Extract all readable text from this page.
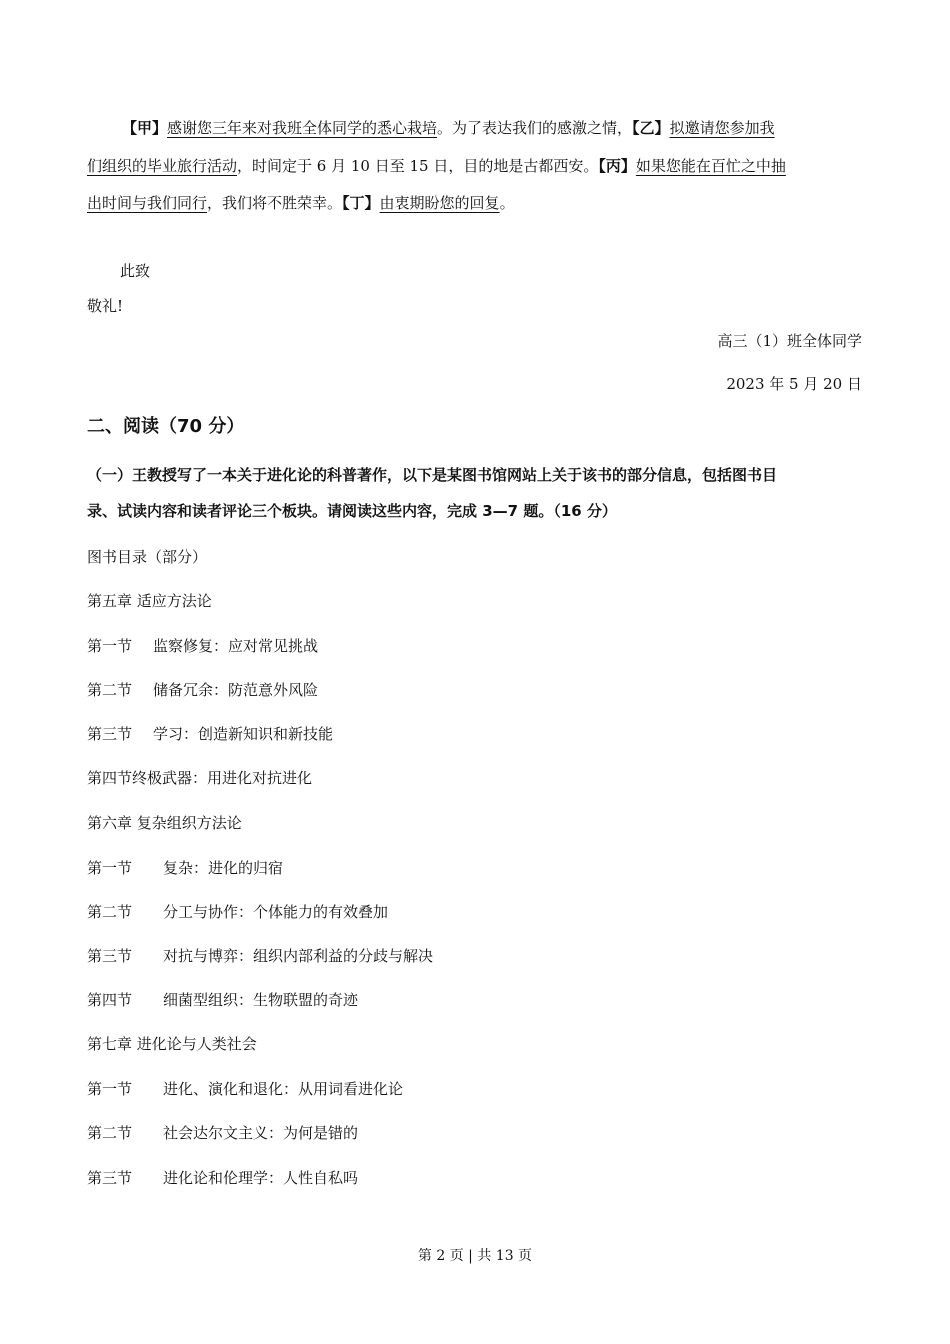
【甲】感谢您三年来对我班全体同学的悉心栽培。为了表达我们的感激之情，【乙】拟邀请您参加我
们组织的毕业旅行活动，时间定于 6 月 10 日至 15 日，目的地是古都西安。【丙】如果您能在百忙之中抽
出时间与我们同行，我们将不胜荣幸。【丁】由衷期盼您的回复。
此致
敬礼!
高三（1）班全体同学
2023 年 5 月 20 日
二、阅读（70 分）
（一）王教授写了一本关于进化论的科普著作，以下是某图书馆网站上关于该书的部分信息，包括图书目
录、试读内容和读者评论三个板块。请阅读这些内容，完成 3—7 题。（16 分）
图书目录（部分）
第五章 适应方法论
第一节 监察修复：应对常见挑战
第二节 储备冗余：防范意外风险
第三节 学习：创造新知识和新技能
第四节终极武器：用进化对抗进化
第六章 复杂组织方法论
第一节 复杂：进化的归宿
第二节 分工与协作：个体能力的有效叠加
第三节 对抗与博弈：组织内部利益的分歧与解决
第四节 细菌型组织：生物联盟的奇迹
第七章 进化论与人类社会
第一节 进化、演化和退化：从用词看进化论
第二节 社会达尔文主义：为何是错的
第三节 进化论和伦理学：人性自私吗
第 2 页 | 共 13 页
